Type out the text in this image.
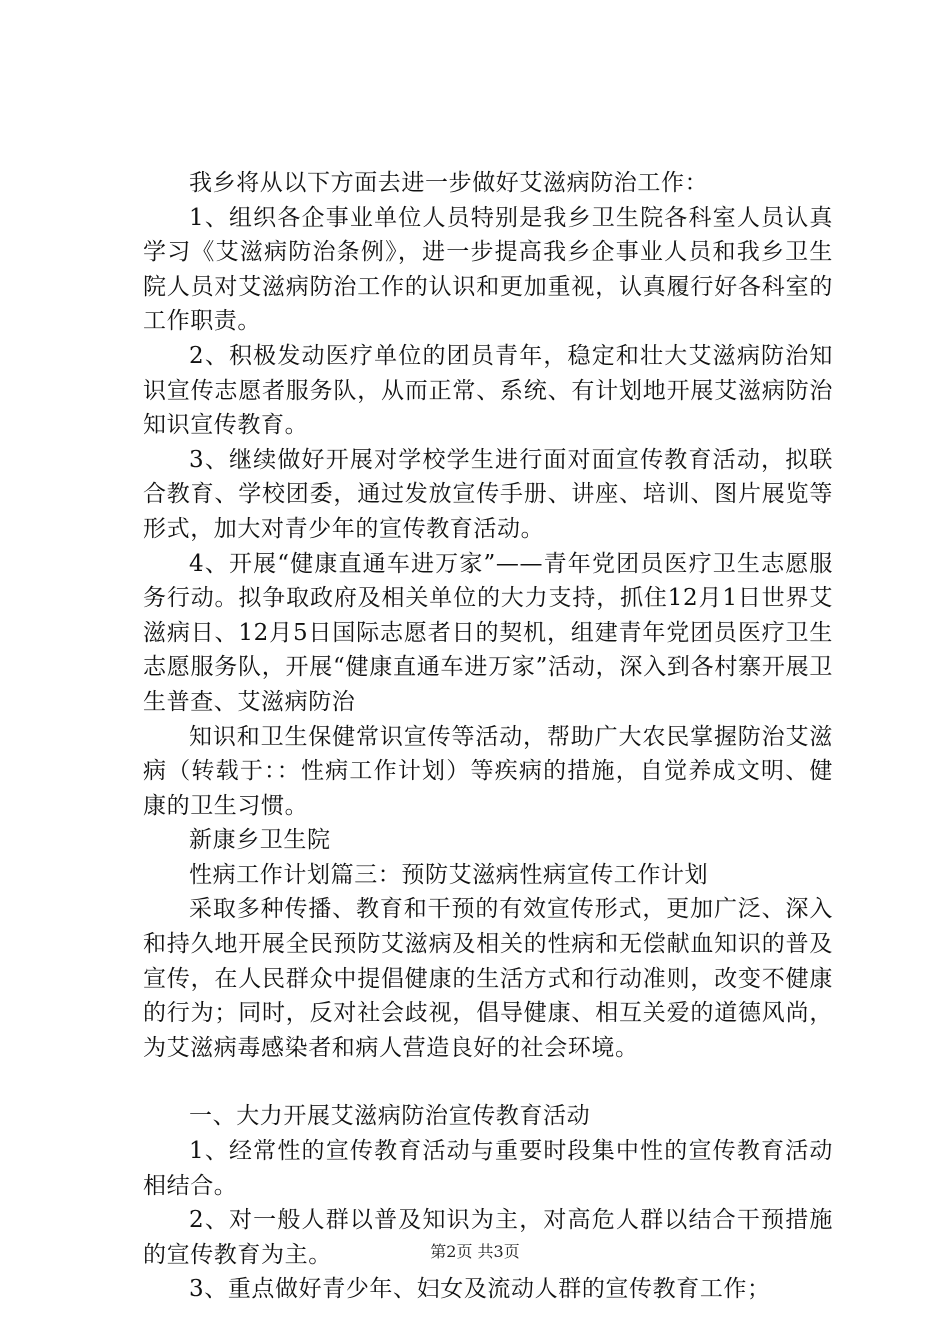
我乡将从以下方面去进一步做好艾滋病防治工作：

1、组织各企事业单位人员特别是我乡卫生院各科室人员认真学习《艾滋病防治条例》，进一步提高我乡企事业人员和我乡卫生院人员对艾滋病防治工作的认识和更加重视，认真履行好各科室的工作职责。

2、积极发动医疗单位的团员青年，稳定和壮大艾滋病防治知识宣传志愿者服务队，从而正常、系统、有计划地开展艾滋病防治知识宣传教育。

3、继续做好开展对学校学生进行面对面宣传教育活动，拟联合教育、学校团委，通过发放宣传手册、讲座、培训、图片展览等形式，加大对青少年的宣传教育活动。

4、开展“健康直通车进万家”——青年党团员医疗卫生志愿服务行动。拟争取政府及相关单位的大力支持，抓住12月1日世界艾滋病日、12月5日国际志愿者日的契机，组建青年党团员医疗卫生志愿服务队，开展“健康直通车进万家”活动，深入到各村寨开展卫生普查、艾滋病防治

知识和卫生保健常识宣传等活动，帮助广大农民掌握防治艾滋病（转载于：：性病工作计划）等疾病的措施，自觉养成文明、健康的卫生习惯。

新康乡卫生院

性病工作计划篇三：预防艾滋病性病宣传工作计划

采取多种传播、教育和干预的有效宣传形式，更加广泛、深入和持久地开展全民预防艾滋病及相关的性病和无偿献血知识的普及宣传，在人民群众中提倡健康的生活方式和行动准则，改变不健康的行为；同时，反对社会歧视，倡导健康、相互关爱的道德风尚，为艾滋病毒感染者和病人营造良好的社会环境。

一、大力开展艾滋病防治宣传教育活动

1、经常性的宣传教育活动与重要时段集中性的宣传教育活动相结合。

2、对一般人群以普及知识为主，对高危人群以结合干预措施的宣传教育为主。

3、重点做好青少年、妇女及流动人群的宣传教育工作；

第2页 共3页
